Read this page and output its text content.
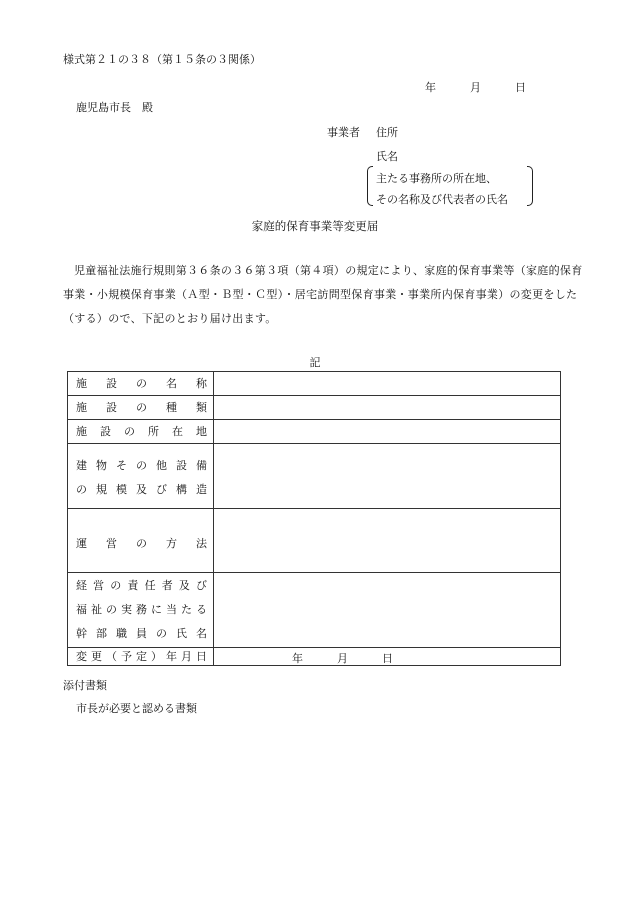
様式第２１の３８（第１５条の３関係）
年	月	日
鹿児島市長　殿
事業者 住所
氏名
主たる事務所の所在地、
その名称及び代表者の氏名
家庭的保育事業等変更届
児童福祉法施行規則第３６条の３６第３項（第４項）の規定により、家庭的保育事業等（家庭的保育事業・小規模保育事業（Ａ型・Ｂ型・Ｃ型）・居宅訪問型保育事業・事業所内保育事業）の変更をした（する）ので、下記のとおり届け出ます。
記
施 設 の 名 称
施 設 の 種 類
施 設 の 所 在 地
建 物 そ の 他 設 備
の 規 模 及 び 構 造
運 営 の 方 法
経 営 の 責 任 者 及 び
福 祉 の 実 務 に 当 た る
幹 部 職 員 の 氏 名
変 更 （ 予 定 ） 年 月 日	年	月	日
添付書類
市長が必要と認める書類
